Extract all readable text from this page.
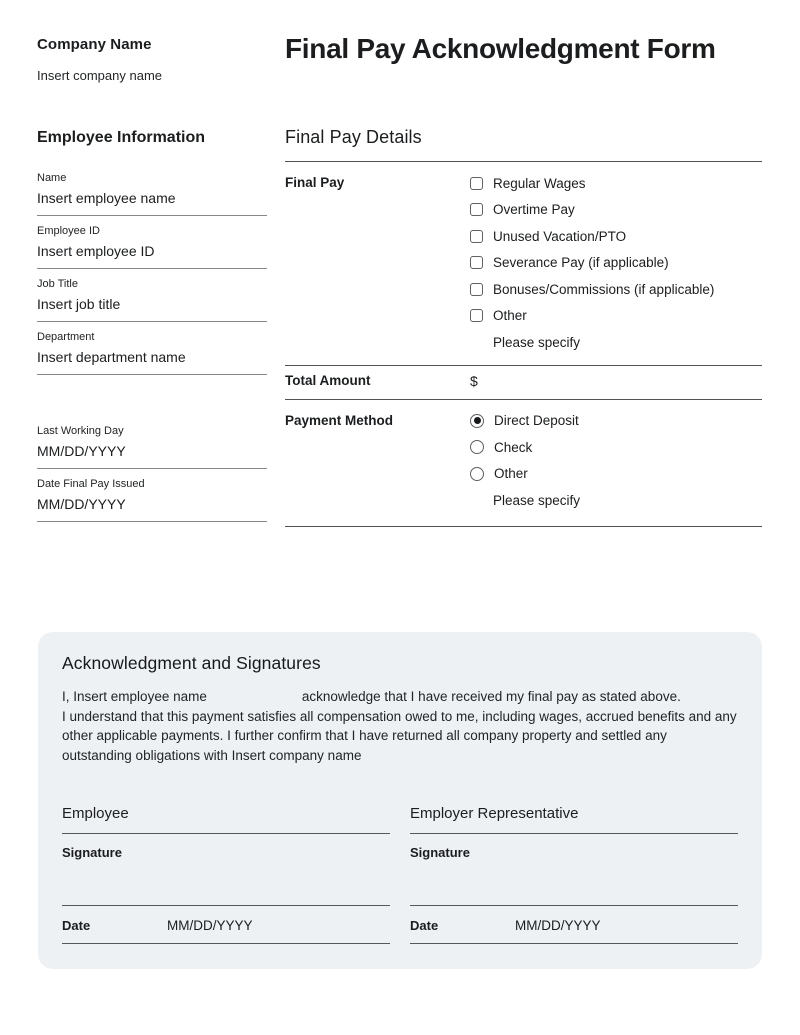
Company Name
Insert company name
Final Pay Acknowledgment Form
Employee Information
Name
Insert employee name
Employee ID
Insert employee ID
Job Title
Insert job title
Department
Insert department name
Last Working Day
MM/DD/YYYY
Date Final Pay Issued
MM/DD/YYYY
Final Pay Details
Final Pay	Regular Wages
Overtime Pay
Unused Vacation/PTO
Severance Pay (if applicable)
Bonuses/Commissions (if applicable)
Other
Please specify
Total Amount	$
Payment Method	Direct Deposit
Check
Other
Please specify
Acknowledgment and Signatures
I, Insert employee name	acknowledge that I have received my final pay as stated above.
I understand that this payment satisfies all compensation owed to me, including wages, accrued benefits and any other applicable payments. I further confirm that I have returned all company property and settled any outstanding obligations with Insert company name
Employee
Signature
Date	MM/DD/YYYY
Employer Representative
Signature
Date	MM/DD/YYYY
